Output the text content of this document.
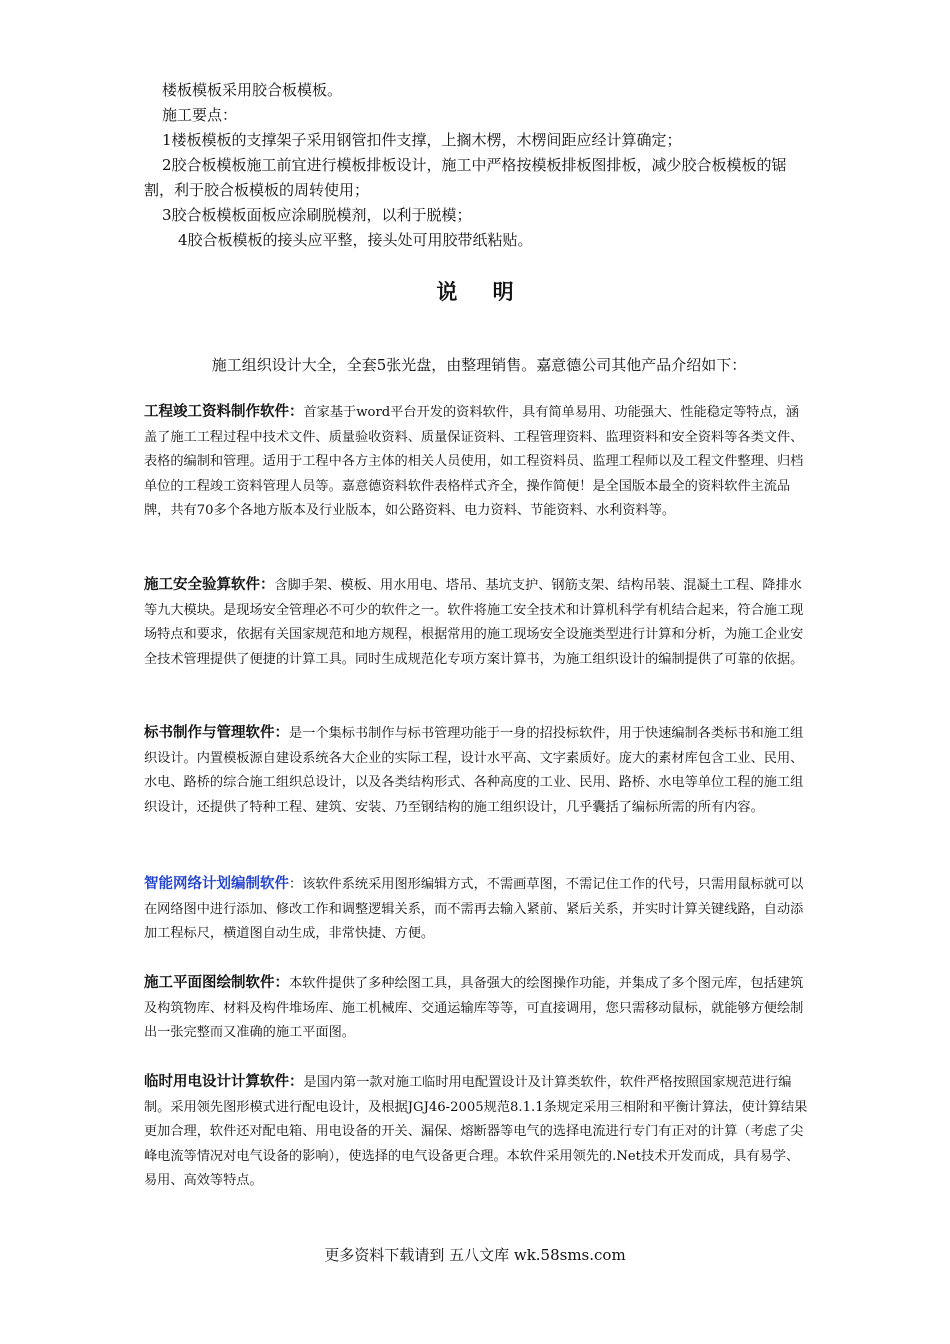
楼板模板采用胶合板模板。

施工要点：

1楼板模板的支撑架子采用钢管扣件支撑，上搁木楞，木楞间距应经计算确定；

2胶合板模板施工前宜进行模板排板设计，施工中严格按模板排板图排板，减少胶合板模板的锯割，利于胶合板模板的周转使用；

3胶合板模板面板应涂刷脱模剂，以利于脱模；

4胶合板模板的接头应平整，接头处可用胶带纸粘贴。

说 明
施工组织设计大全，全套5张光盘，由整理销售。嘉意德公司其他产品介绍如下：

工程竣工资料制作软件：首家基于word平台开发的资料软件，具有简单易用、功能强大、性能稳定等特点，涵盖了施工工程过程中技术文件、质量验收资料、质量保证资料、工程管理资料、监理资料和安全资料等各类文件、表格的编制和管理。适用于工程中各方主体的相关人员使用，如工程资料员、监理工程师以及工程文件整理、归档单位的工程竣工资料管理人员等。嘉意德资料软件表格样式齐全，操作简便！是全国版本最全的资料软件主流品牌，共有70多个各地方版本及行业版本，如公路资料、电力资料、节能资料、水利资料等。

施工安全验算软件：含脚手架、模板、用水用电、塔吊、基坑支护、钢筋支架、结构吊装、混凝土工程、降排水等九大模块。是现场安全管理必不可少的软件之一。软件将施工安全技术和计算机科学有机结合起来，符合施工现场特点和要求，依据有关国家规范和地方规程，根据常用的施工现场安全设施类型进行计算和分析，为施工企业安全技术管理提供了便捷的计算工具。同时生成规范化专项方案计算书，为施工组织设计的编制提供了可靠的依据。

标书制作与管理软件：是一个集标书制作与标书管理功能于一身的招投标软件，用于快速编制各类标书和施工组织设计。内置模板源自建设系统各大企业的实际工程，设计水平高、文字素质好。庞大的素材库包含工业、民用、水电、路桥的综合施工组织总设计，以及各类结构形式、各种高度的工业、民用、路桥、水电等单位工程的施工组织设计，还提供了特种工程、建筑、安装、乃至钢结构的施工组织设计，几乎囊括了编标所需的所有内容。

智能网络计划编制软件：该软件系统采用图形编辑方式，不需画草图，不需记住工作的代号，只需用鼠标就可以在网络图中进行添加、修改工作和调整逻辑关系，而不需再去输入紧前、紧后关系，并实时计算关键线路，自动添加工程标尺，横道图自动生成，非常快捷、方便。

施工平面图绘制软件：本软件提供了多种绘图工具，具备强大的绘图操作功能，并集成了多个图元库，包括建筑及构筑物库、材料及构件堆场库、施工机械库、交通运输库等等，可直接调用，您只需移动鼠标，就能够方便绘制出一张完整而又准确的施工平面图。

临时用电设计计算软件：是国内第一款对施工临时用电配置设计及计算类软件，软件严格按照国家规范进行编制。采用领先图形模式进行配电设计，及根据JGJ46-2005规范8.1.1条规定采用三相附和平衡计算法，使计算结果更加合理，软件还对配电箱、用电设备的开关、漏保、熔断器等电气的选择电流进行专门有正对的计算（考虑了尖峰电流等情况对电气设备的影响），使选择的电气设备更合理。本软件采用领先的.Net技术开发而成，具有易学、易用、高效等特点。

更多资料下载请到 五八文库 wk.58sms.com
